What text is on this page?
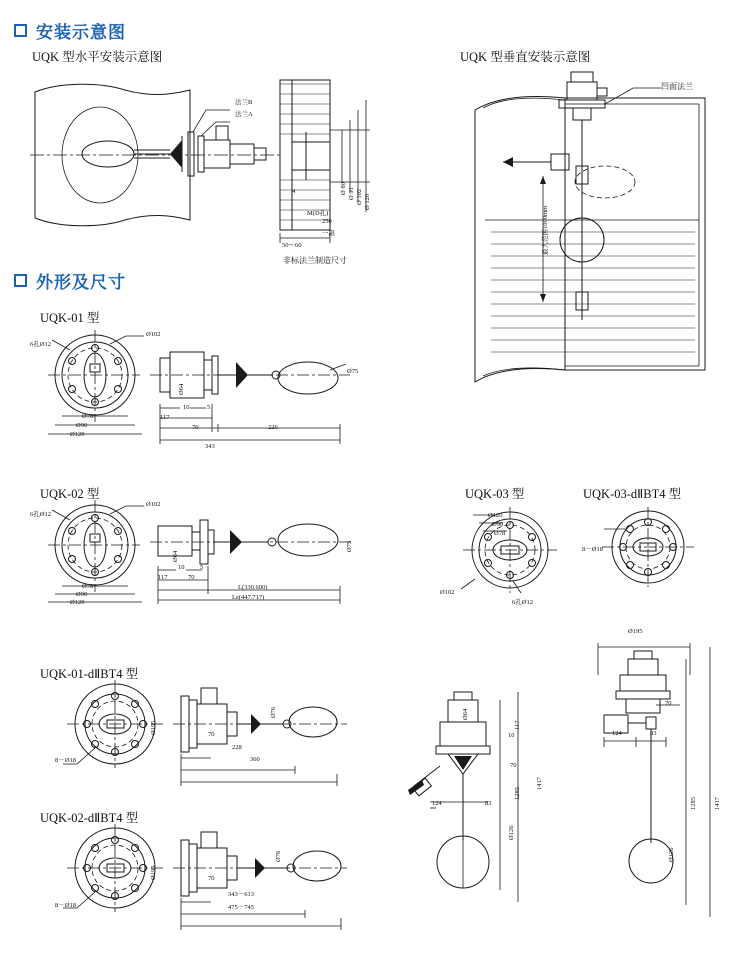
安装示意图
UQK 型水平安装示意图	UQK 型垂直安装示意图
法兰B
法兰A
Ø 80 Ø 91 Ø 102 Ø 120
M(D孔)
250
一限
4
50～60
非标法兰制造尺寸
凹面法兰
最大范围1000mm
外形及尺寸
UQK-01 型
6孔Ø12
Ø102
Ø64
Ø78
Ø90
Ø120
Ø75
10	5
117
70	226
343
UQK-02 型
6孔Ø12
Ø102
Ø64
Ø78
Ø90
Ø120
Ø75
10 5
117	70
L(330.600)
Le(447.717)
UQK-03 型
Ø120
Ø90
Ø78
Ø102
6孔Ø12
UQK-03-dⅡBT4 型
8－Ø18
UQK-01-dⅡBT4 型
8－Ø18
Ø195
Ø76
70
228
360
UQK-02-dⅡBT4 型
8－Ø18
Ø195
Ø76
70
343－613
475－745
Ø64
117
10
70
124	83
1285
1417
Ø126
Ø195
70
124	83
1285	1417
Ø126
